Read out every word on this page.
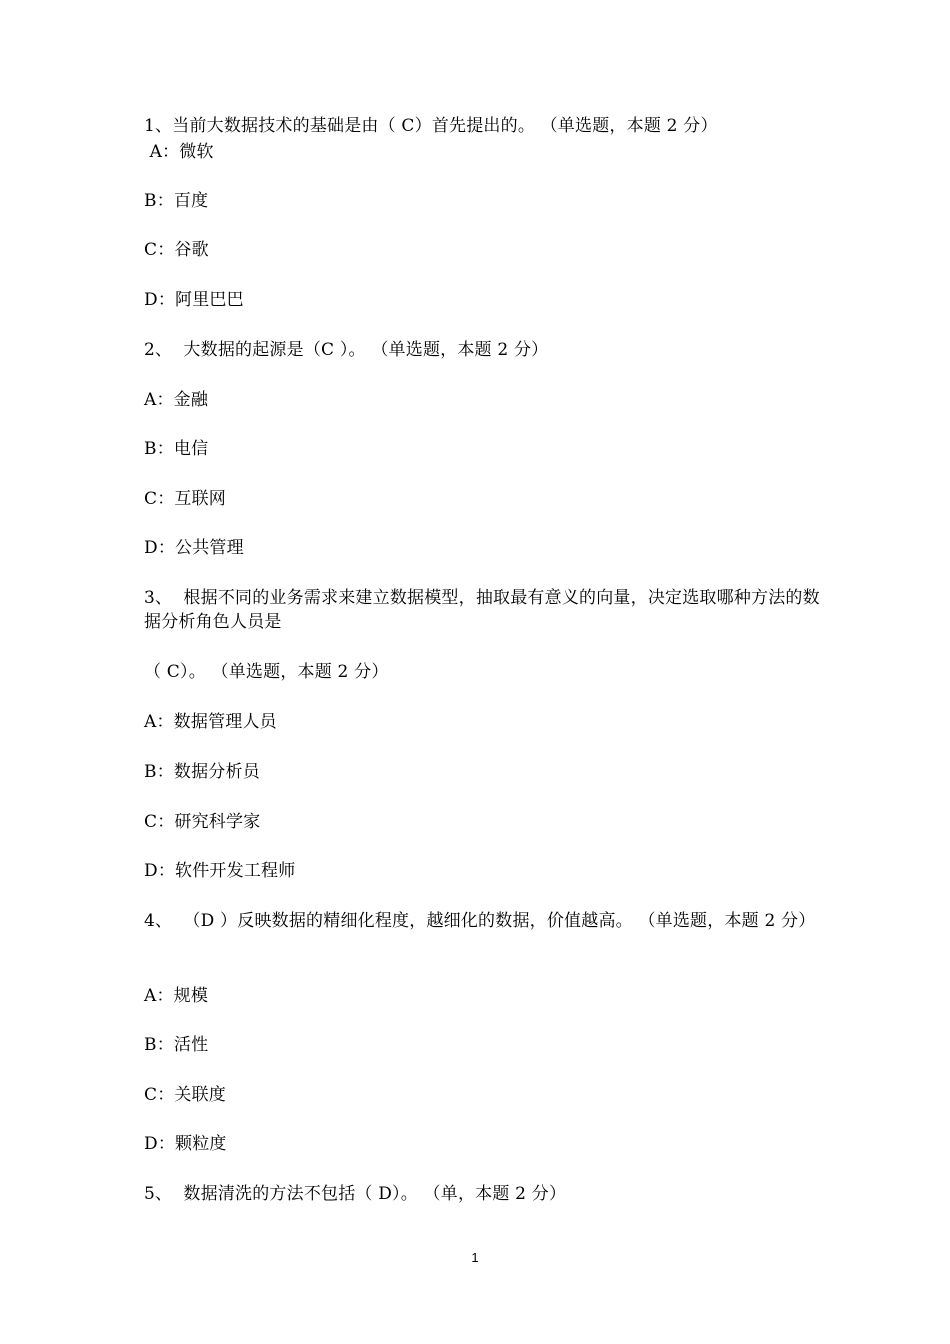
1、当前大数据技术的基础是由（ C）首先提出的。 （单选题，本题 2 分）
A：微软
B：百度
C：谷歌
D：阿里巴巴
2、  大数据的起源是（C ）。 （单选题，本题 2 分）
A：金融
B：电信
C：互联网
D：公共管理
3、  根据不同的业务需求来建立数据模型，抽取最有意义的向量，决定选取哪种方法的数据分析角色人员是
（ C）。 （单选题，本题 2 分）
A：数据管理人员
B：数据分析员
C：研究科学家
D：软件开发工程师
4、  （D ）反映数据的精细化程度，越细化的数据，价值越高。 （单选题，本题 2 分）
A：规模
B：活性
C：关联度
D：颗粒度
5、  数据清洗的方法不包括（ D）。 （单，本题 2 分）
1
